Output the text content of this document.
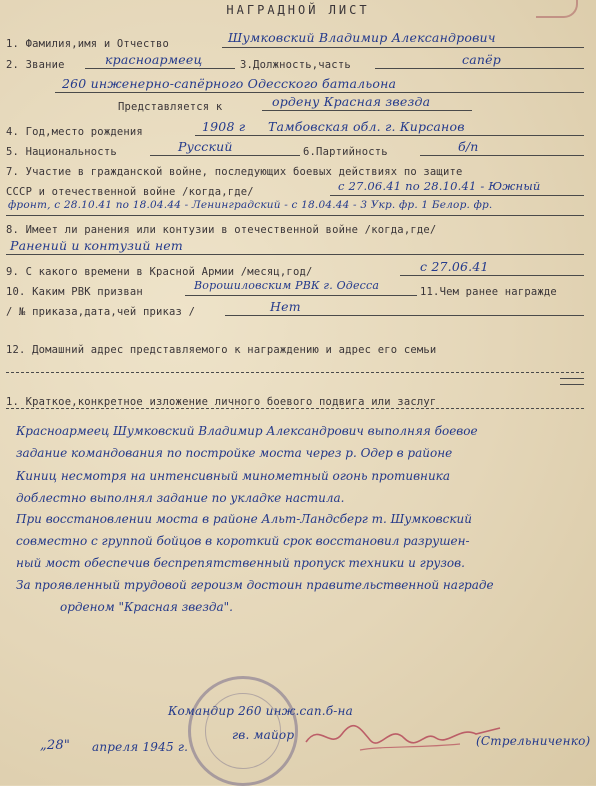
НАГРАДНОЙ ЛИСТ
1. Фамилия,имя и Отчество	Шумковский Владимир Александрович
2. Звание	красноармеец	3.Должность,часть	сапёр
260 инженерно-сапёрного Одесского батальона
Представляется к	ордену Красная звезда
4. Год,место рождения	1908 г Тамбовская обл. г. Кирсанов
5. Национальность	Русский	6.Партийность	б/п
7. Участие в гражданской войне, последующих боевых действиях по защите
СССР и отечественной войне /когда,где/	с 27.06.41 по 28.10.41 - Южный
фронт, с 28.10.41 по 18.04.44 - Ленинградский - с 18.04.44 - 3 Укр. фр. 1 Белор. фр.
8. Имеет ли ранения или контузии в отечественной войне /когда,где/
Ранений и контузий нет
9. С какого времени в Красной Армии /месяц,год/	с 27.06.41
10. Каким РВК призван	Ворошиловским РВК г. Одесса	11.Чем ранее награжде
/ № приказа,дата,чей приказ /	Нет
12. Домашний адрес представляемого к награждению и адрес его семьи
1. Краткое,конкретное изложение личного боевого подвига или заслуг
Красноармеец Шумковский Владимир Александрович выполняя боевое
задание командования по постройке моста через р. Одер в районе
Киниц несмотря на интенсивный минометный огонь противника
доблестно выполнял задание по укладке настила.
При восстановлении моста в районе Альт-Ландсберг т. Шумковский
совместно с группой бойцов в короткий срок восстановил разрушен-
ный мост обеспечив беспрепятственный пропуск техники и грузов.
За проявленный трудовой героизм достоин правительственной награде
орденом "Красная звезда".
Командир 260 инж.сап.б-на
гв. майор	(Стрельниченко)
„28" апреля 1945 г.
